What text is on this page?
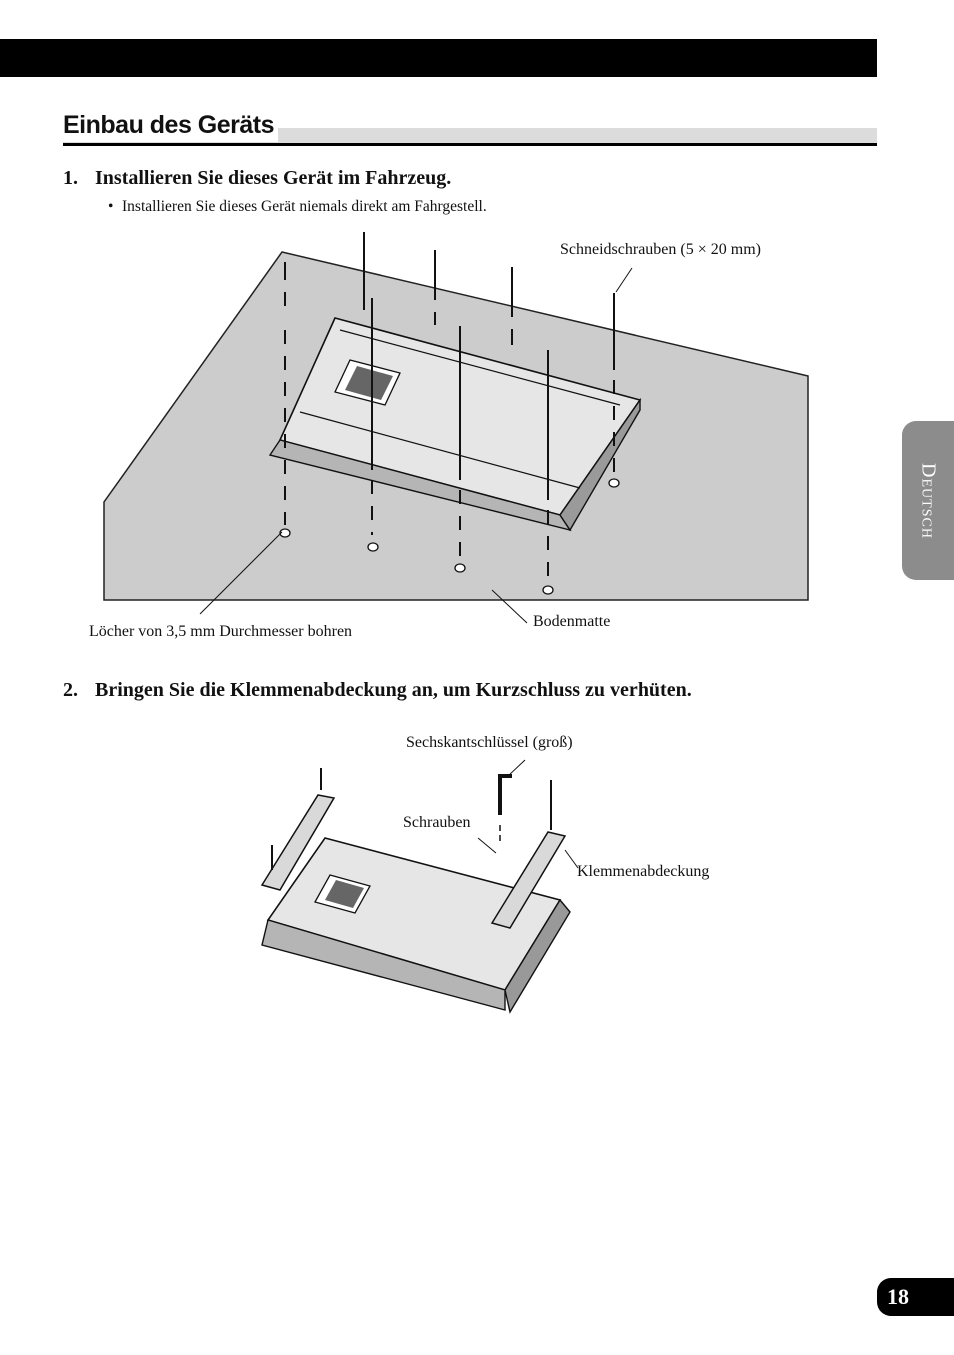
Einbau des Geräts
1. Installieren Sie dieses Gerät im Fahrzeug.
• Installieren Sie dieses Gerät niemals direkt am Fahrgestell.
Schneidschrauben (5 × 20 mm)
Löcher von 3,5 mm Durchmesser bohren
Bodenmatte
2. Bringen Sie die Klemmenabdeckung an, um Kurzschluss zu verhüten.
Sechskantschlüssel (groß)
Schrauben
Klemmenabdeckung
Deutsch
18
